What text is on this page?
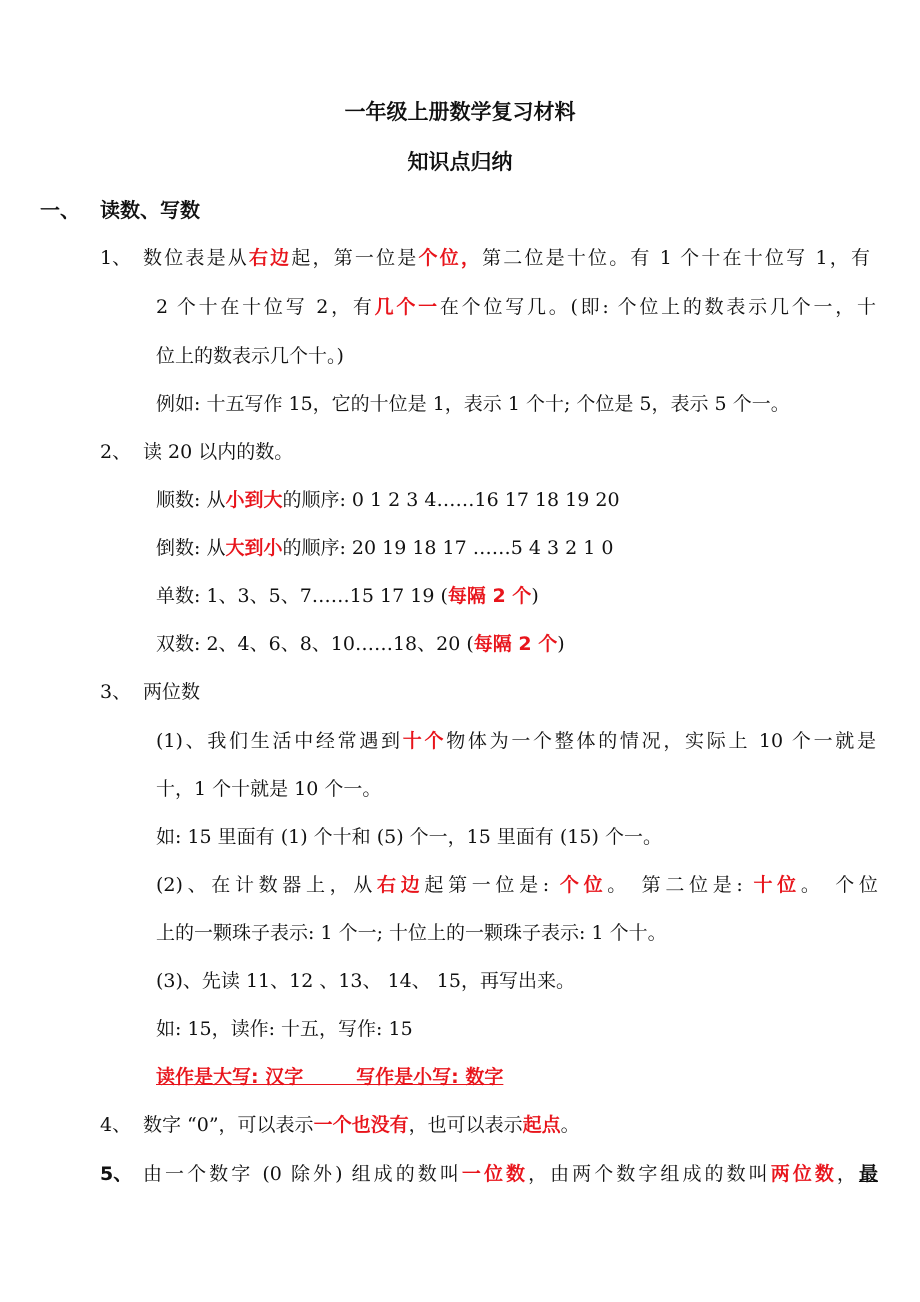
一年级上册数学复习材料
知识点归纳
一、 读数、写数
1、 数位表是从右边起，第一位是个位，第二位是十位。有 1 个十在十位写 1，有
2 个十在十位写 2，有几个一在个位写几。(即: 个位上的数表示几个一，十
位上的数表示几个十。)
例如: 十五写作 15，它的十位是 1，表示 1 个十; 个位是 5，表示 5 个一。
2、 读 20 以内的数。
顺数: 从小到大的顺序: 0 1 2 3 4……16 17 18 19 20
倒数: 从大到小的顺序: 20 19 18 17 ……5 4 3 2 1 0
单数: 1、3、5、7……15 17 19 (每隔 2 个)
双数: 2、4、6、8、10……18、20 (每隔 2 个)
3、 两位数
(1)、我们生活中经常遇到十个物体为一个整体的情况，实际上 10 个一就是
十，1 个十就是 10 个一。
如: 15 里面有 (1) 个十和 (5) 个一，15 里面有 (15) 个一。
(2)、在计数器上，从右边起第一位是: 个位。 第二位是: 十位。 个位
上的一颗珠子表示: 1 个一; 十位上的一颗珠子表示: 1 个十。
(3)、先读 11、12 、13、 14、 15，再写出来。
如: 15，读作: 十五，写作: 15
读作是大写: 汉字        写作是小写: 数字
4、 数字 “0”，可以表示一个也没有，也可以表示起点。
5、 由一个数字 (0 除外) 组成的数叫一位数，由两个数字组成的数叫两位数，最
